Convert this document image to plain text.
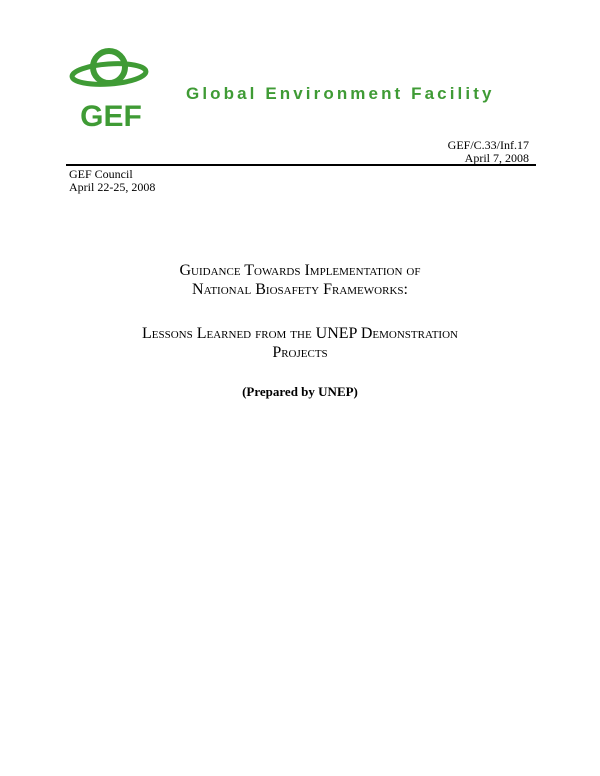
GEF
Global Environment Facility
GEF/C.33/Inf.17
April 7, 2008
GEF Council
April 22-25, 2008
Guidance Towards Implementation of
National Biosafety Frameworks:
Lessons Learned from the UNEP Demonstration
Projects
(Prepared by UNEP)
